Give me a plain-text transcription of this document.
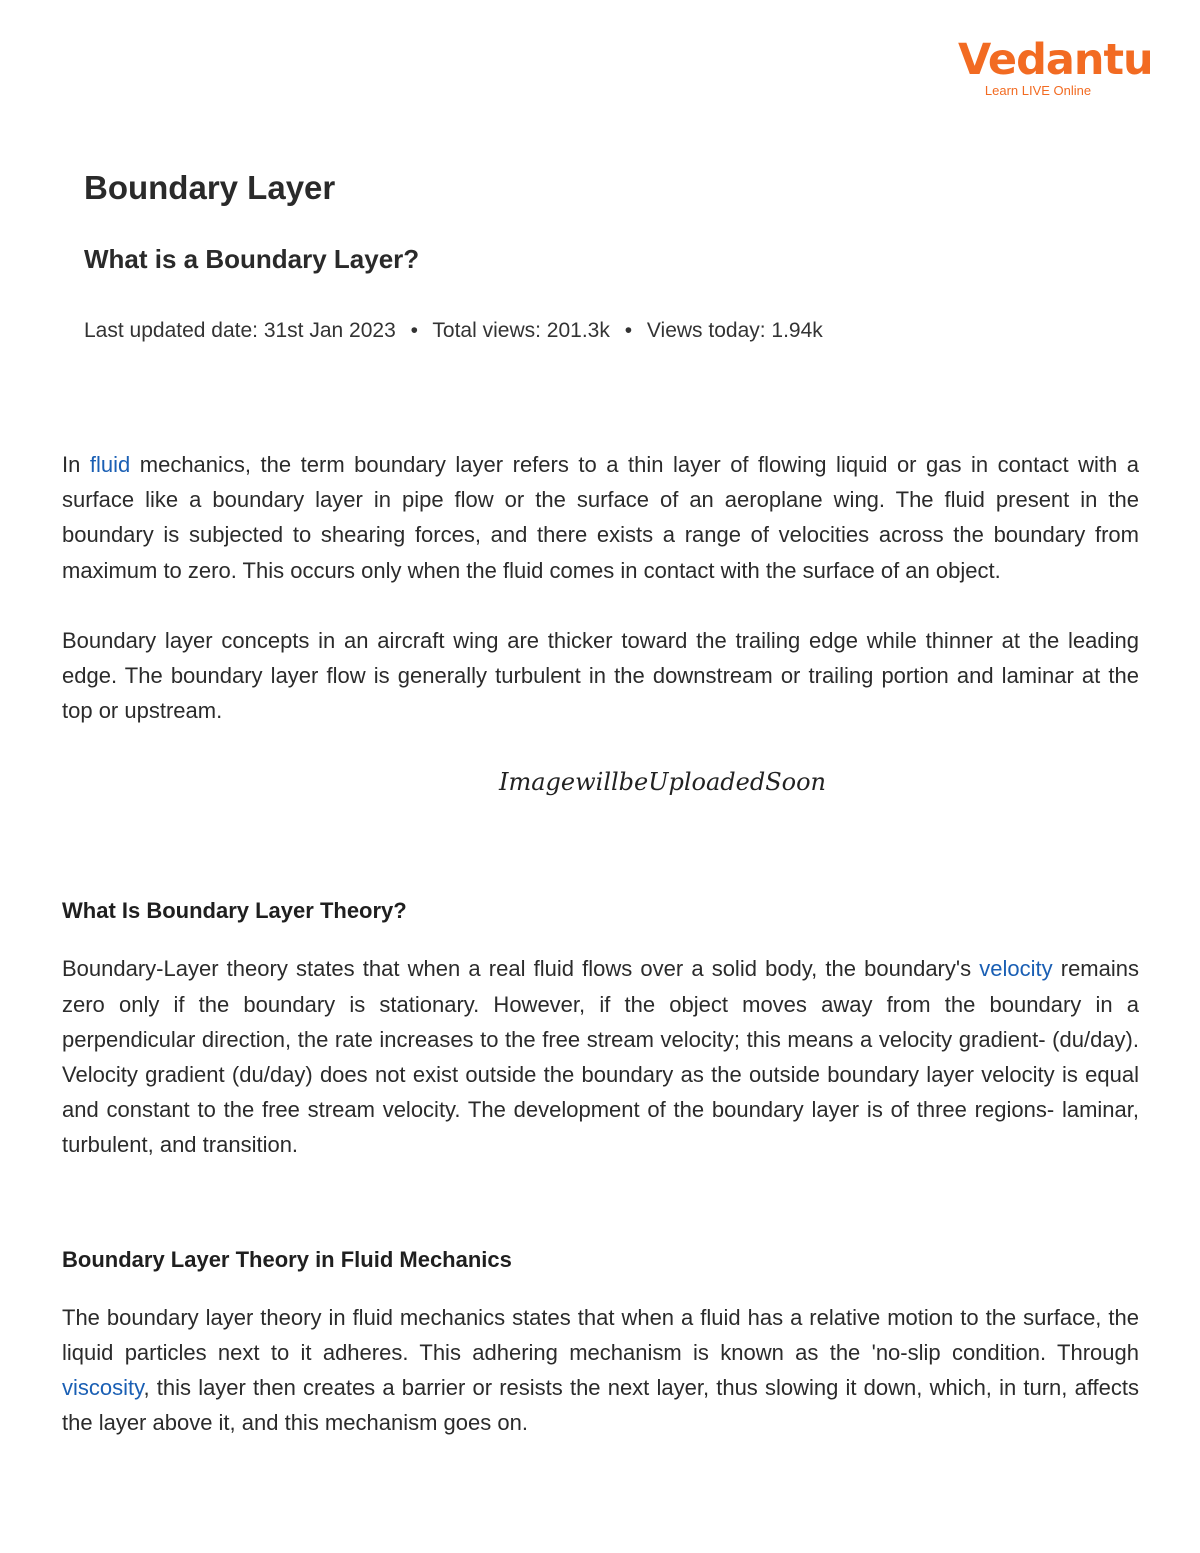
Vedantu
Learn LIVE Online
Boundary Layer
What is a Boundary Layer?
Last updated date: 31st Jan 2023 • Total views: 201.3k • Views today: 1.94k

In fluid mechanics, the term boundary layer refers to a thin layer of flowing liquid or gas in contact with a surface like a boundary layer in pipe flow or the surface of an aeroplane wing. The fluid present in the boundary is subjected to shearing forces, and there exists a range of velocities across the boundary from maximum to zero. This occurs only when the fluid comes in contact with the surface of an object.

Boundary layer concepts in an aircraft wing are thicker toward the trailing edge while thinner at the leading edge. The boundary layer flow is generally turbulent in the downstream or trailing portion and laminar at the top or upstream.

ImagewillbeUploadedSoon
What Is Boundary Layer Theory?

Boundary-Layer theory states that when a real fluid flows over a solid body, the boundary's velocity remains zero only if the boundary is stationary. However, if the object moves away from the boundary in a perpendicular direction, the rate increases to the free stream velocity; this means a velocity gradient- (du/day). Velocity gradient (du/day) does not exist outside the boundary as the outside boundary layer velocity is equal and constant to the free stream velocity. The development of the boundary layer is of three regions- laminar, turbulent, and transition.

Boundary Layer Theory in Fluid Mechanics

The boundary layer theory in fluid mechanics states that when a fluid has a relative motion to the surface, the liquid particles next to it adheres. This adhering mechanism is known as the 'no-slip condition. Through viscosity, this layer then creates a barrier or resists the next layer, thus slowing it down, which, in turn, affects the layer above it, and this mechanism goes on.
